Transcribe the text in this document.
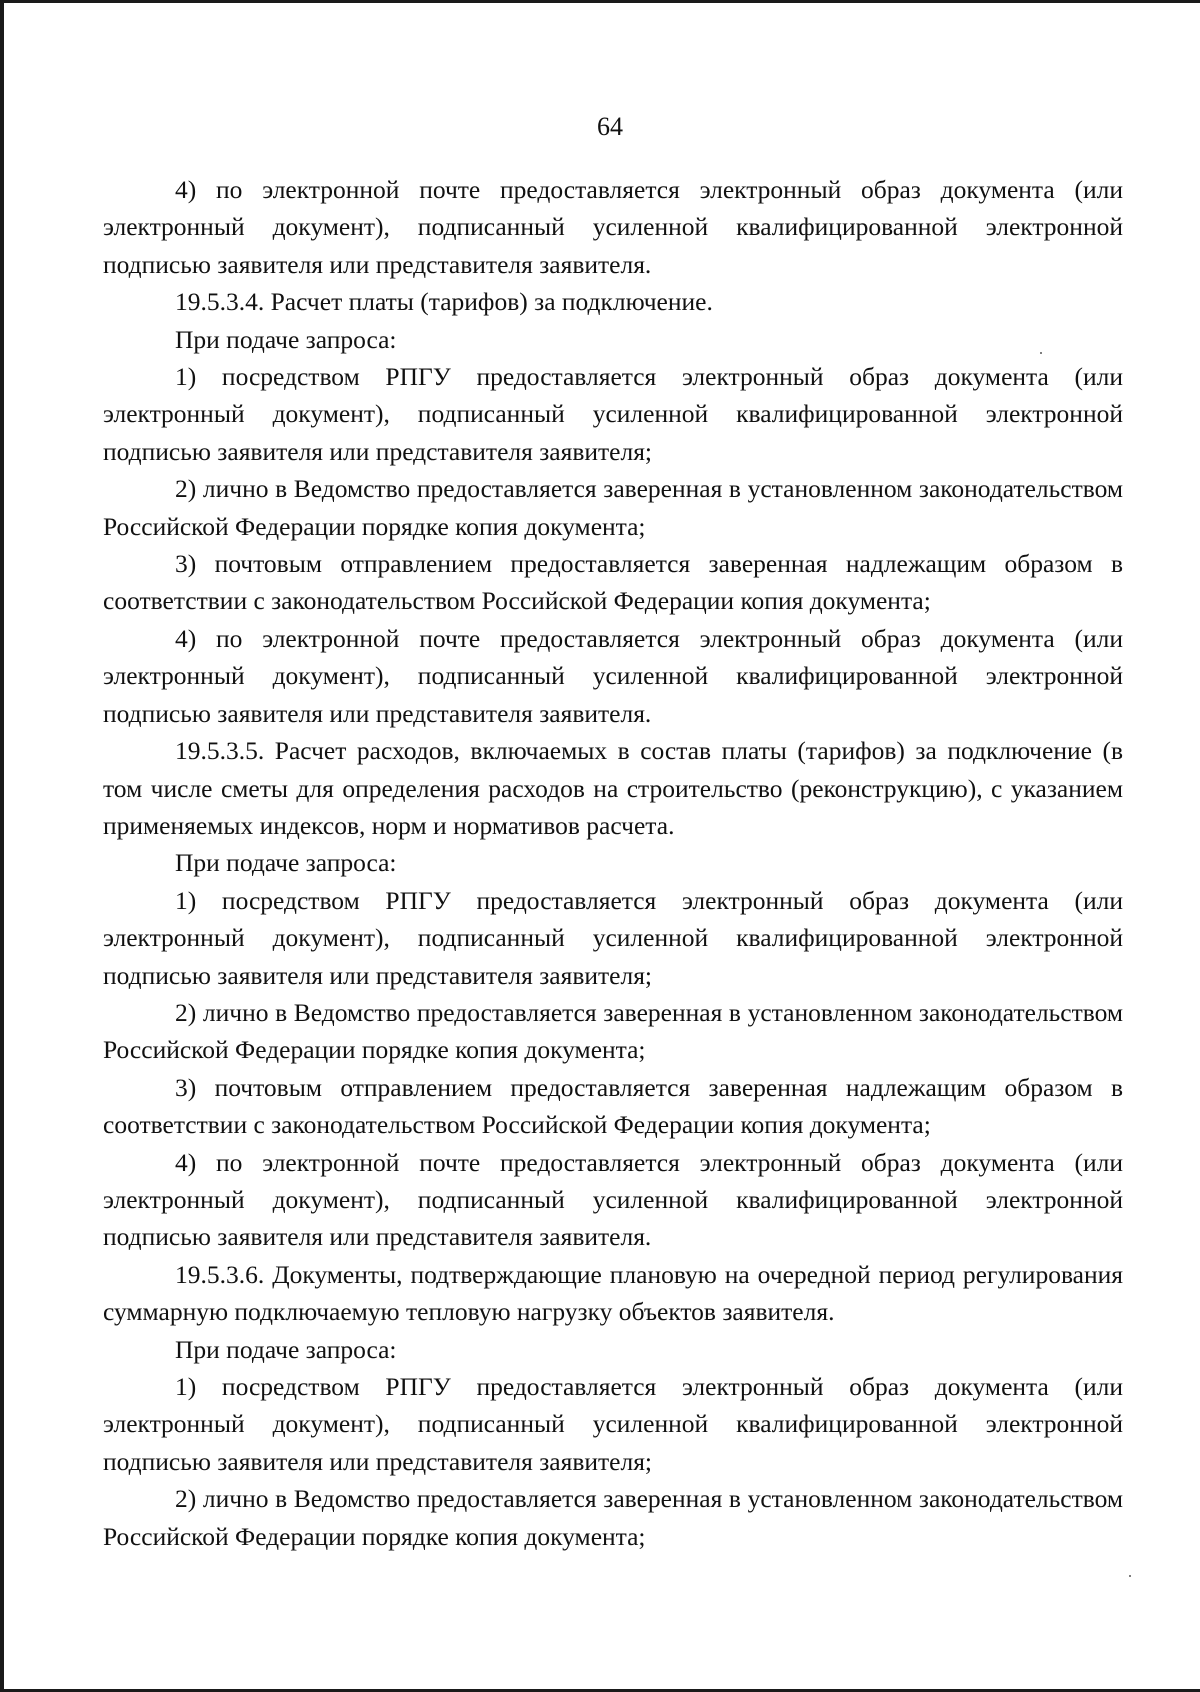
64

4) по электронной почте предоставляется электронный образ документа (или электронный документ), подписанный усиленной квалифицированной электронной подписью заявителя или представителя заявителя.

19.5.3.4. Расчет платы (тарифов) за подключение.

При подаче запроса:

1) посредством РПГУ предоставляется электронный образ документа (или электронный документ), подписанный усиленной квалифицированной электронной подписью заявителя или представителя заявителя;

2) лично в Ведомство предоставляется заверенная в установленном законодательством Российской Федерации порядке копия документа;

3) почтовым отправлением предоставляется заверенная надлежащим образом в соответствии с законодательством Российской Федерации копия документа;

4) по электронной почте предоставляется электронный образ документа (или электронный документ), подписанный усиленной квалифицированной электронной подписью заявителя или представителя заявителя.

19.5.3.5. Расчет расходов, включаемых в состав платы (тарифов) за подключение (в том числе сметы для определения расходов на строительство (реконструкцию), с указанием применяемых индексов, норм и нормативов расчета.

При подаче запроса:

1) посредством РПГУ предоставляется электронный образ документа (или электронный документ), подписанный усиленной квалифицированной электронной подписью заявителя или представителя заявителя;

2) лично в Ведомство предоставляется заверенная в установленном законодательством Российской Федерации порядке копия документа;

3) почтовым отправлением предоставляется заверенная надлежащим образом в соответствии с законодательством Российской Федерации копия документа;

4) по электронной почте предоставляется электронный образ документа (или электронный документ), подписанный усиленной квалифицированной электронной подписью заявителя или представителя заявителя.

19.5.3.6. Документы, подтверждающие плановую на очередной период регулирования суммарную подключаемую тепловую нагрузку объектов заявителя.

При подаче запроса:

1) посредством РПГУ предоставляется электронный образ документа (или электронный документ), подписанный усиленной квалифицированной электронной подписью заявителя или представителя заявителя;

2) лично в Ведомство предоставляется заверенная в установленном законодательством Российской Федерации порядке копия документа;
